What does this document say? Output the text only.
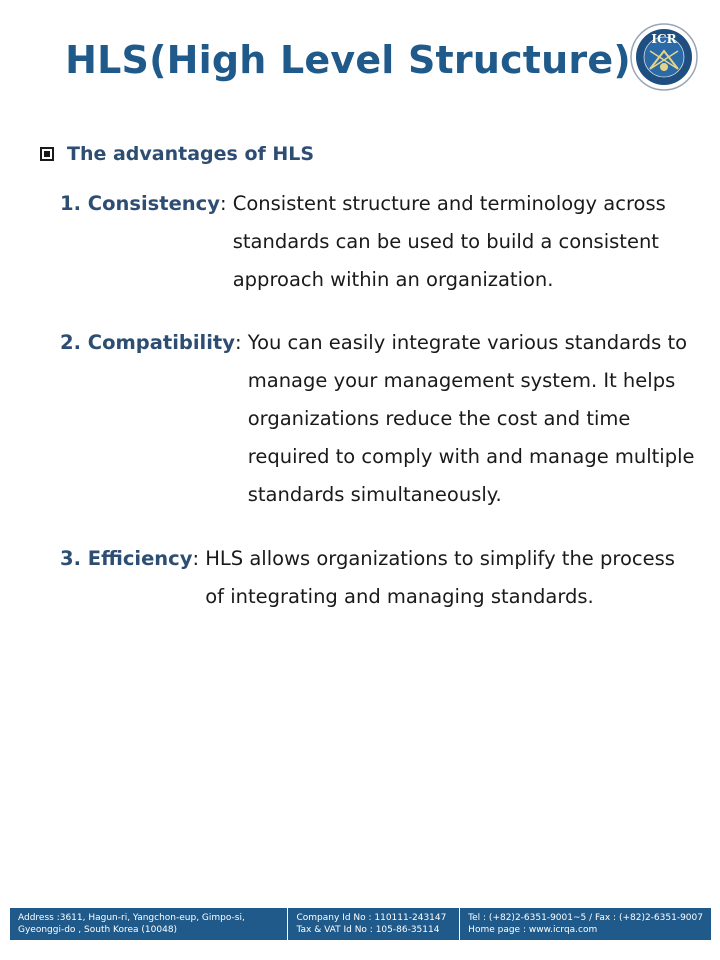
HLS(High Level Structure)	ICR
The advantages of HLS
1. Consistency : Consistent structure and terminology across
standards can be used to build a consistent
approach within an organization.
2. Compatibility : You can easily integrate various standards to
manage your management system. It helps
organizations reduce the cost and time
required to comply with and manage multiple
standards simultaneously.
3. Efficiency : HLS allows organizations to simplify the process
of integrating and managing standards.
Address :3611, Hagun-ri, Yangchon-eup, Gimpo-si,
Gyeonggi-do , South Korea (10048)
Company Id No : 110111-243147
Tax & VAT Id No : 105-86-35114
Tel : (+82)2-6351-9001~5 / Fax : (+82)2-6351-9007
Home page : www.icrqa.com
